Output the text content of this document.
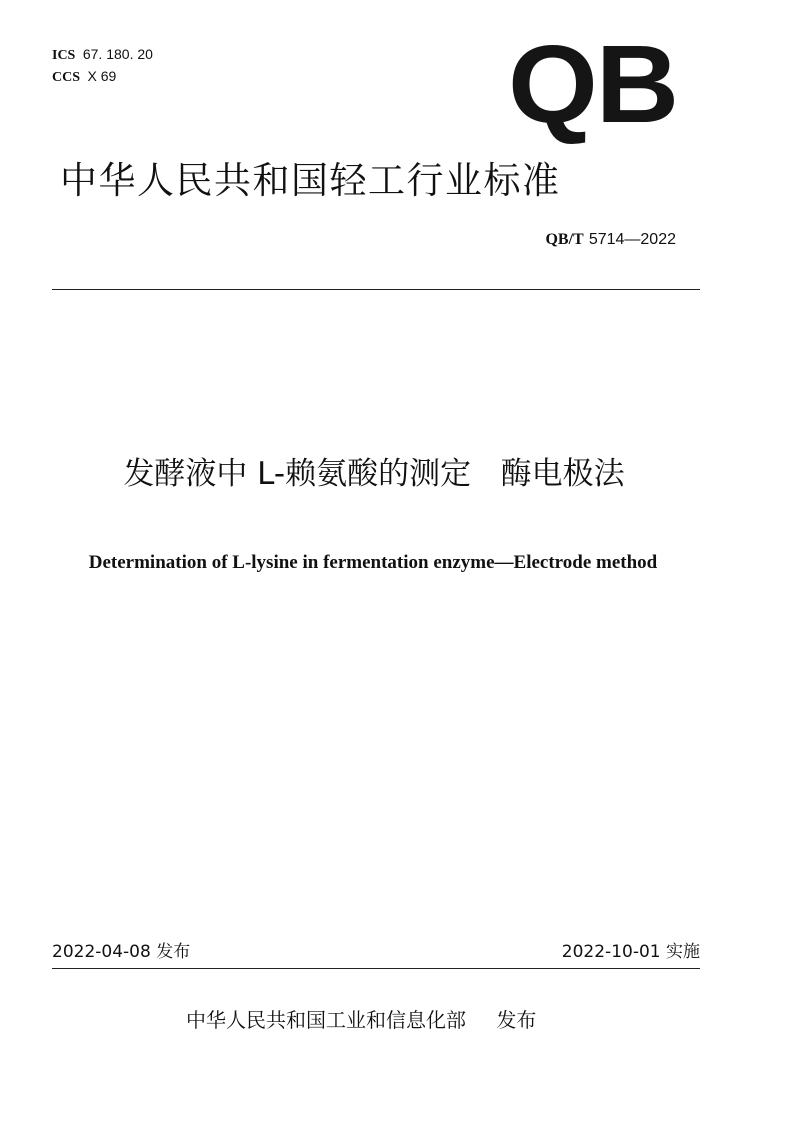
ICS 67. 180. 20
CCS X 69	QB
中华人民共和国轻工行业标准
QB/T 5714—2022
发酵液中 L-赖氨酸的测定   酶电极法
Determination of L-lysine in fermentation enzyme—Electrode method
2022-04-08 发布	2022-10-01 实施
中华人民共和国工业和信息化部 发布
